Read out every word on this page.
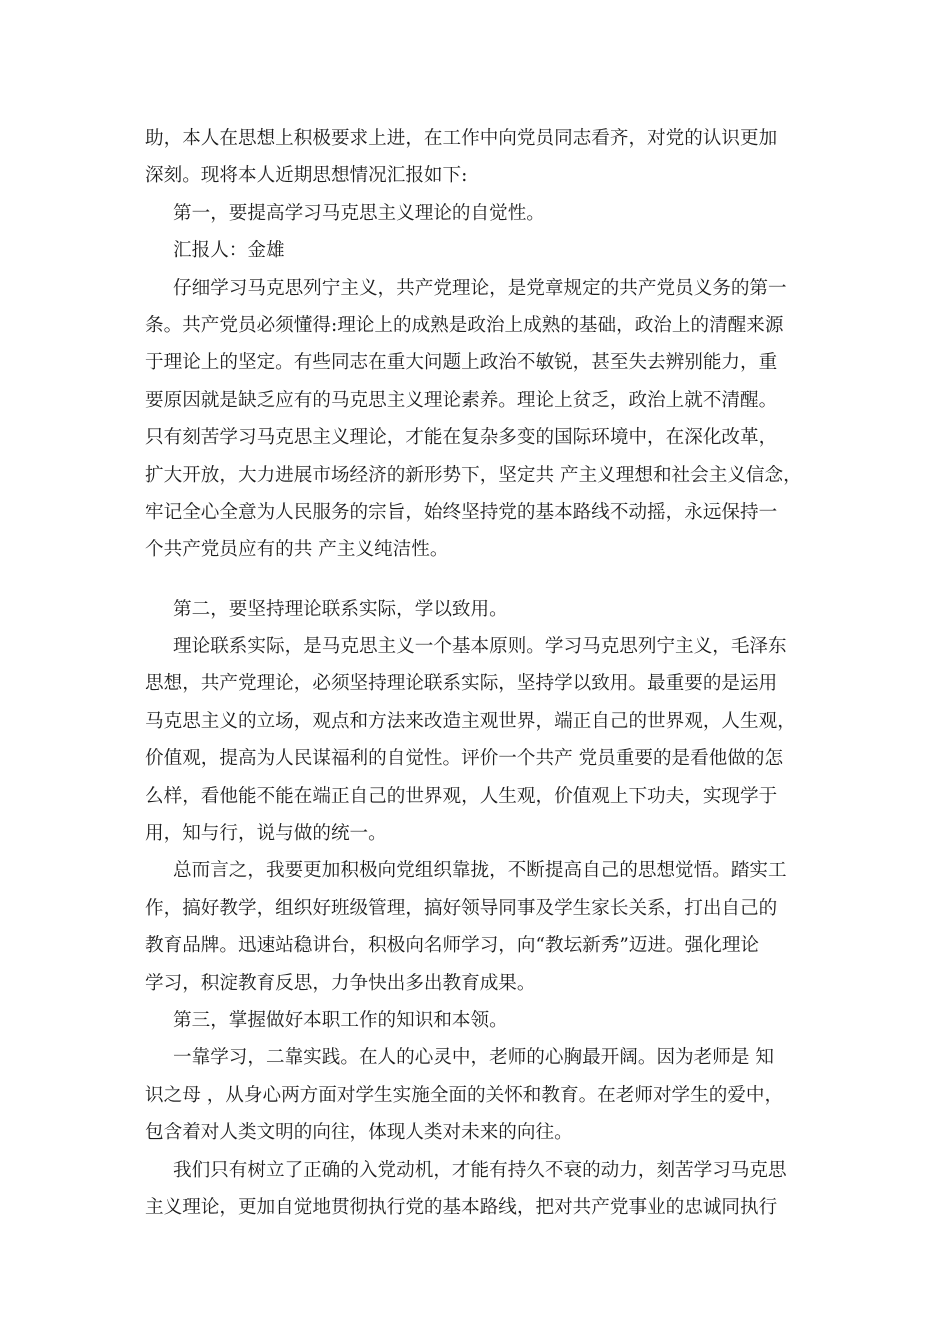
助，本人在思想上积极要求上进，在工作中向党员同志看齐，对党的认识更加
深刻。现将本人近期思想情况汇报如下:
第一，要提高学习马克思主义理论的自觉性。
汇报人：金雄
仔细学习马克思列宁主义，共产党理论，是党章规定的共产党员义务的第一
条。共产党员必须懂得:理论上的成熟是政治上成熟的基础，政治上的清醒来源
于理论上的坚定。有些同志在重大问题上政治不敏锐，甚至失去辨别能力，重
要原因就是缺乏应有的马克思主义理论素养。理论上贫乏，政治上就不清醒。
只有刻苦学习马克思主义理论，才能在复杂多变的国际环境中，在深化改革，
扩大开放，大力进展市场经济的新形势下，坚定共 产主义理想和社会主义信念，
牢记全心全意为人民服务的宗旨，始终坚持党的基本路线不动摇，永远保持一
个共产党员应有的共 产主义纯洁性。
第二，要坚持理论联系实际，学以致用。
理论联系实际，是马克思主义一个基本原则。学习马克思列宁主义，毛泽东
思想，共产党理论，必须坚持理论联系实际，坚持学以致用。最重要的是运用
马克思主义的立场，观点和方法来改造主观世界，端正自己的世界观，人生观，
价值观，提高为人民谋福利的自觉性。评价一个共产 党员重要的是看他做的怎
么样，看他能不能在端正自己的世界观，人生观，价值观上下功夫，实现学于
用，知与行，说与做的统一。
总而言之，我要更加积极向党组织靠拢，不断提高自己的思想觉悟。踏实工
作，搞好教学，组织好班级管理，搞好领导同事及学生家长关系，打出自己的
教育品牌。迅速站稳讲台，积极向名师学习，向“教坛新秀”迈进。强化理论
学习，积淀教育反思，力争快出多出教育成果。
第三，掌握做好本职工作的知识和本领。
一靠学习，二靠实践。在人的心灵中，老师的心胸最开阔。因为老师是 知
识之母 ，从身心两方面对学生实施全面的关怀和教育。在老师对学生的爱中，
包含着对人类文明的向往，体现人类对未来的向往。
我们只有树立了正确的入党动机，才能有持久不衰的动力，刻苦学习马克思
主义理论，更加自觉地贯彻执行党的基本路线，把对共产党事业的忠诚同执行
